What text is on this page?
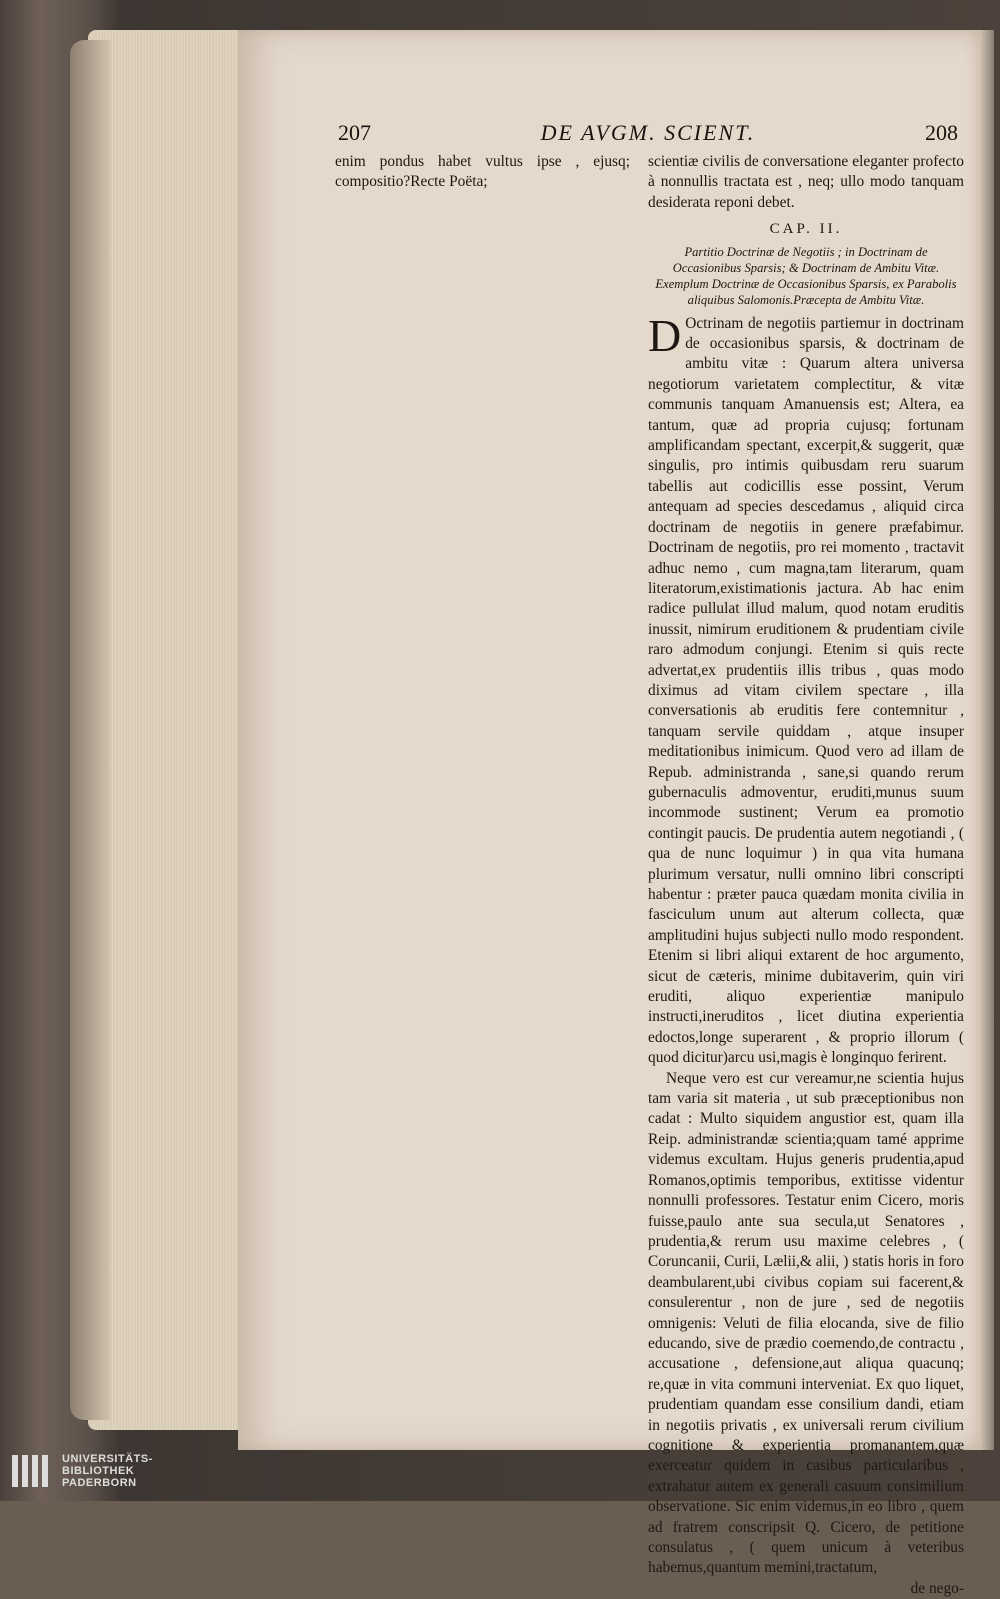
207	DE AVGM. SCIENT.	208

enim pondus habet vultus ipse , ejusq; compositio?Recte Poëta;

scientiæ civilis de conversatione eleganter profecto à nonnullis tractata est , neq; ullo modo tanquam desiderata reponi debet.

CAP. II.
Partitio Doctrinæ de Negotiis ; in Doctrinam de Occasionibus Sparsis; & Doctrinam de Ambitu Vitæ. Exemplum Doctrinæ de Occasionibus Sparsis, ex Parabolis aliquibus Salomonis.Præcepta de Ambitu Vitæ.

D Octrinam de negotiis partiemur in doctrinam de occasionibus sparsis, & doctrinam de ambitu vitæ : Quarum altera universa negotiorum varietatem complectitur, & vitæ communis tanquam Amanuensis est; Altera, ea tantum, quæ ad propria cujusq; fortunam amplificandam spectant, excerpit,& suggerit, quæ singulis, pro intimis quibusdam reru suarum tabellis aut codicillis esse possint, Verum antequam ad species descedamus , aliquid circa doctrinam de negotiis in genere præfabimur. Doctrinam de negotiis, pro rei momento , tractavit adhuc nemo , cum magna,tam literarum, quam literatorum,existimationis jactura. Ab hac enim radice pullulat illud malum, quod notam eruditis inussit, nimirum eruditionem & prudentiam civile raro admodum conjungi. Etenim si quis recte advertat,ex prudentiis illis tribus , quas modo diximus ad vitam civilem spectare , illa conversationis ab eruditis fere contemnitur , tanquam servile quiddam , atque insuper meditationibus inimicum. Quod vero ad illam de Repub. administranda , sane,si quando rerum gubernaculis admoventur, eruditi,munus suum incommode sustinent; Verum ea promotio contingit paucis. De prudentia autem negotiandi , ( qua de nunc loquimur ) in qua vita humana plurimum versatur, nulli omnino libri conscripti habentur : præter pauca quædam monita civilia in fasciculum unum aut alterum collecta, quæ amplitudini hujus subjecti nullo modo respondent. Etenim si libri aliqui extarent de hoc argumento, sicut de cæteris, minime dubitaverim, quin viri eruditi, aliquo experientiæ manipulo instructi,ineruditos , licet diutina experientia edoctos,longe superarent , & proprio illorum ( quod dicitur)arcu usi,magis è longinquo ferirent.

Neque vero est cur vereamur,ne scientia hujus tam varia sit materia , ut sub præceptionibus non cadat : Multo siquidem angustior est, quam illa Reip. administrandæ scientia;quam tamé apprime videmus excultam. Hujus generis prudentia,apud Romanos,optimis temporibus, extitisse videntur nonnulli professores. Testatur enim Cicero, moris fuisse,paulo ante sua secula,ut Senatores , prudentia,& rerum usu maxime celebres , ( Coruncanii, Curii, Lælii,& alii, ) statis horis in foro deambularent,ubi civibus copiam sui facerent,& consulerentur , non de jure , sed de negotiis omnigenis: Veluti de filia elocanda, sive de filio educando, sive de prædio coemendo,de contractu , accusatione , defensione,aut aliqua quacunq; re,quæ in vita communi interveniat. Ex quo liquet, prudentiam quandam esse consilium dandi, etiam in negotiis privatis , ex universali rerum civilium cognitione & experientia promanantem,quæ exerceatur quidem in casibus particularibus , extrahatur autem ex generali casuum consimilium observatione. Sic enim videmus,in eo libro , quem ad fratrem conscripsit Q. Cicero, de petitione consulatus , ( quem unicum à veteribus habemus,quantum memini,tractatum,

de nego-

UNIVERSITÄTS-
BIBLIOTHEK
PADERBORN
